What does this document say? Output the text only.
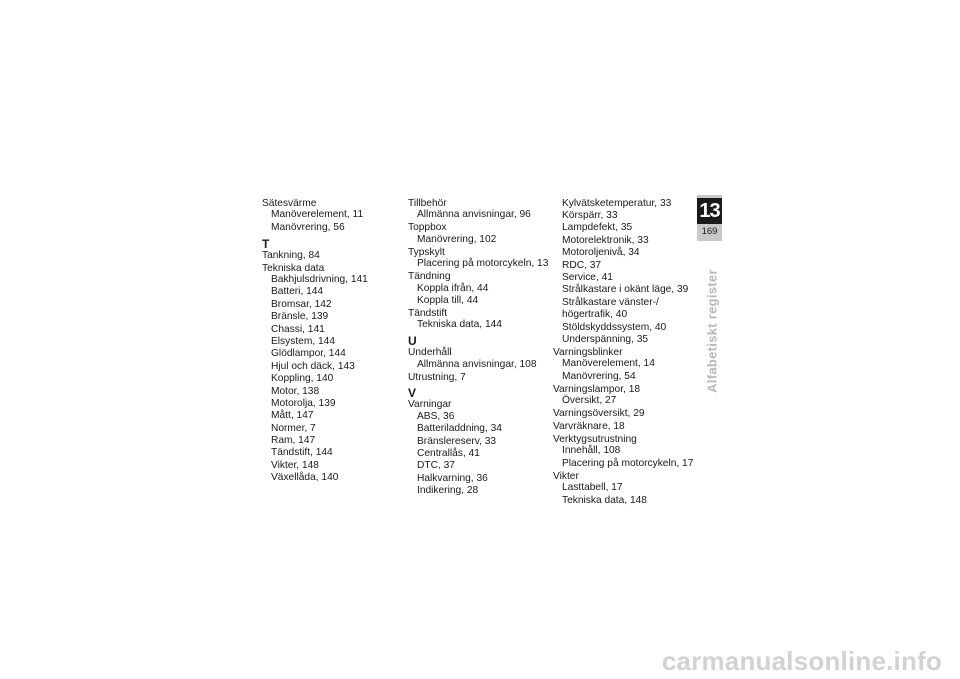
Sätesvärme
Manöverelement, 11
Manövrering, 56
T
Tankning, 84
Tekniska data
Bakhjulsdrivning, 141
Batteri, 144
Bromsar, 142
Bränsle, 139
Chassi, 141
Elsystem, 144
Glödlampor, 144
Hjul och däck, 143
Koppling, 140
Motor, 138
Motorolja, 139
Mått, 147
Normer, 7
Ram, 147
Tändstift, 144
Vikter, 148
Växellåda, 140
Tillbehör
Allmänna anvisningar, 96
Toppbox
Manövrering, 102
Typskylt
Placering på motorcykeln, 13
Tändning
Koppla ifrån, 44
Koppla till, 44
Tändstift
Tekniska data, 144
U
Underhåll
Allmänna anvisningar, 108
Utrustning, 7
V
Varningar
ABS, 36
Batteriladdning, 34
Bränslereserv, 33
Centrallås, 41
DTC, 37
Halkvarning, 36
Indikering, 28
Kylvätsketemperatur, 33
Körspärr, 33
Lampdefekt, 35
Motorelektronik, 33
Motoroljenivå, 34
RDC, 37
Service, 41
Strålkastare i okänt läge, 39
Strålkastare vänster-/
högertrafik, 40
Stöldskyddssystem, 40
Underspänning, 35
Varningsblinker
Manöverelement, 14
Manövrering, 54
Varningslampor, 18
Översikt, 27
Varningsöversikt, 29
Varvräknare, 18
Verktygsutrustning
Innehåll, 108
Placering på motorcykeln, 17
Vikter
Lasttabell, 17
Tekniska data, 148
13
169
Alfabetiskt register
carmanualsonline.info
